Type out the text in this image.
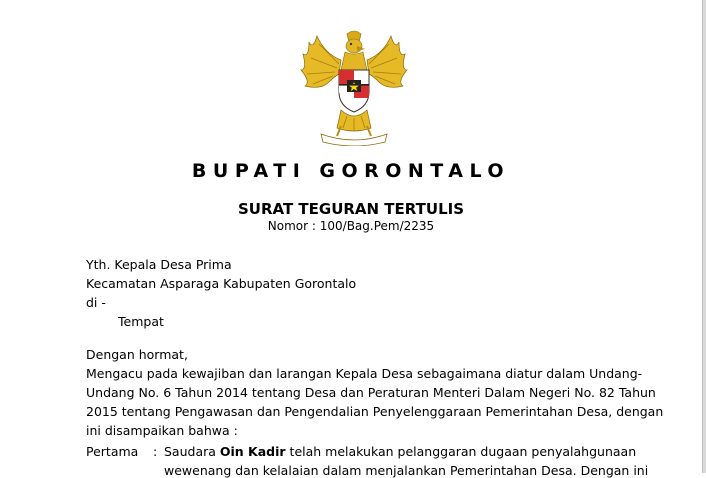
BUPATI GORONTALO
SURAT TEGURAN TERTULIS
Nomor : 100/Bag.Pem/2235
Yth. Kepala Desa Prima
Kecamatan Asparaga Kabupaten Gorontalo
di -
Tempat
Dengan hormat,
Mengacu pada kewajiban dan larangan Kepala Desa sebagaimana diatur dalam Undang-
Undang No. 6 Tahun 2014 tentang Desa dan Peraturan Menteri Dalam Negeri No. 82 Tahun
2015 tentang Pengawasan dan Pengendalian Penyelenggaraan Pemerintahan Desa, dengan
ini disampaikan bahwa :
Pertama : Saudara Oin Kadir telah melakukan pelanggaran dugaan penyalahgunaan
wewenang dan kelalaian dalam menjalankan Pemerintahan Desa. Dengan ini
